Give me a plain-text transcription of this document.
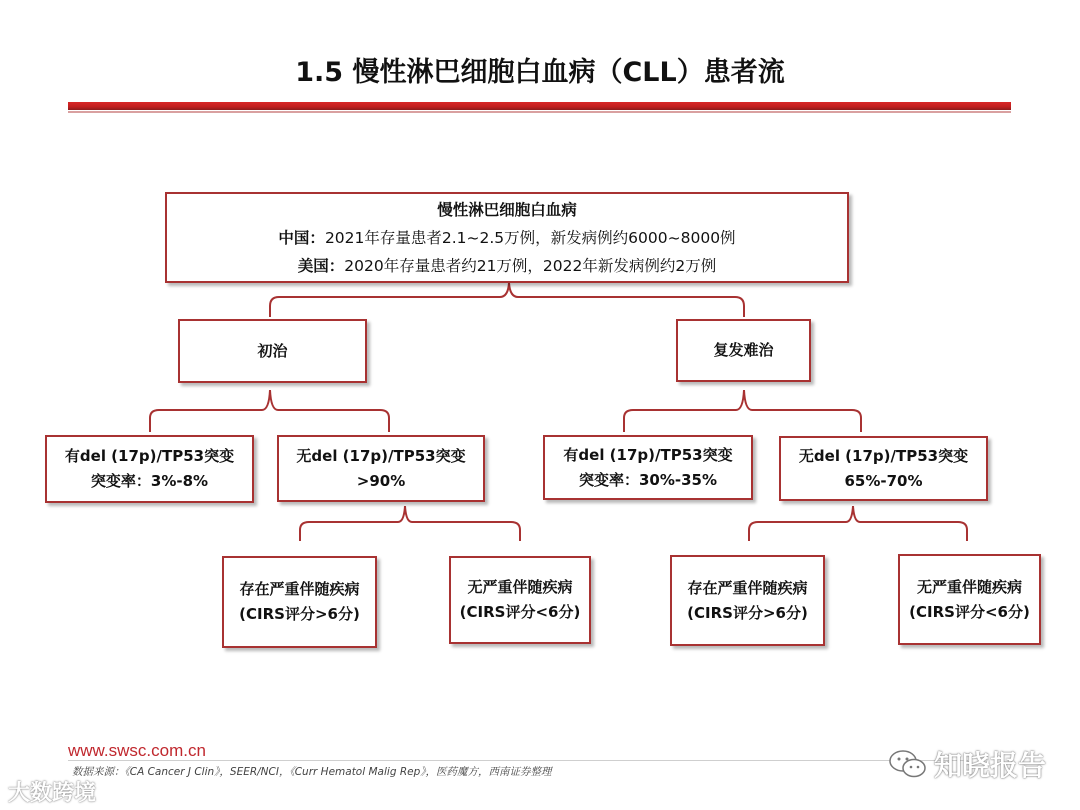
1.5 慢性淋巴细胞白血病（CLL）患者流
慢性淋巴细胞白血病
中国：2021年存量患者2.1~2.5万例，新发病例约6000~8000例
美国：2020年存量患者约21万例，2022年新发病例约2万例
初治	复发难治
有del (17p)/TP53突变
突变率：3%-8%
无del (17p)/TP53突变
>90%
有del (17p)/TP53突变
突变率：30%-35%
无del (17p)/TP53突变
65%-70%
存在严重伴随疾病
(CIRS评分>6分)
无严重伴随疾病
(CIRS评分<6分)
存在严重伴随疾病
(CIRS评分>6分)
无严重伴随疾病
(CIRS评分<6分)
www.swsc.com.cn
数据来源：《CA Cancer J Clin》，SEER/NCI，《Curr Hematol Malig Rep》，医药魔方，西南证券整理
大数跨境
知晓报告
